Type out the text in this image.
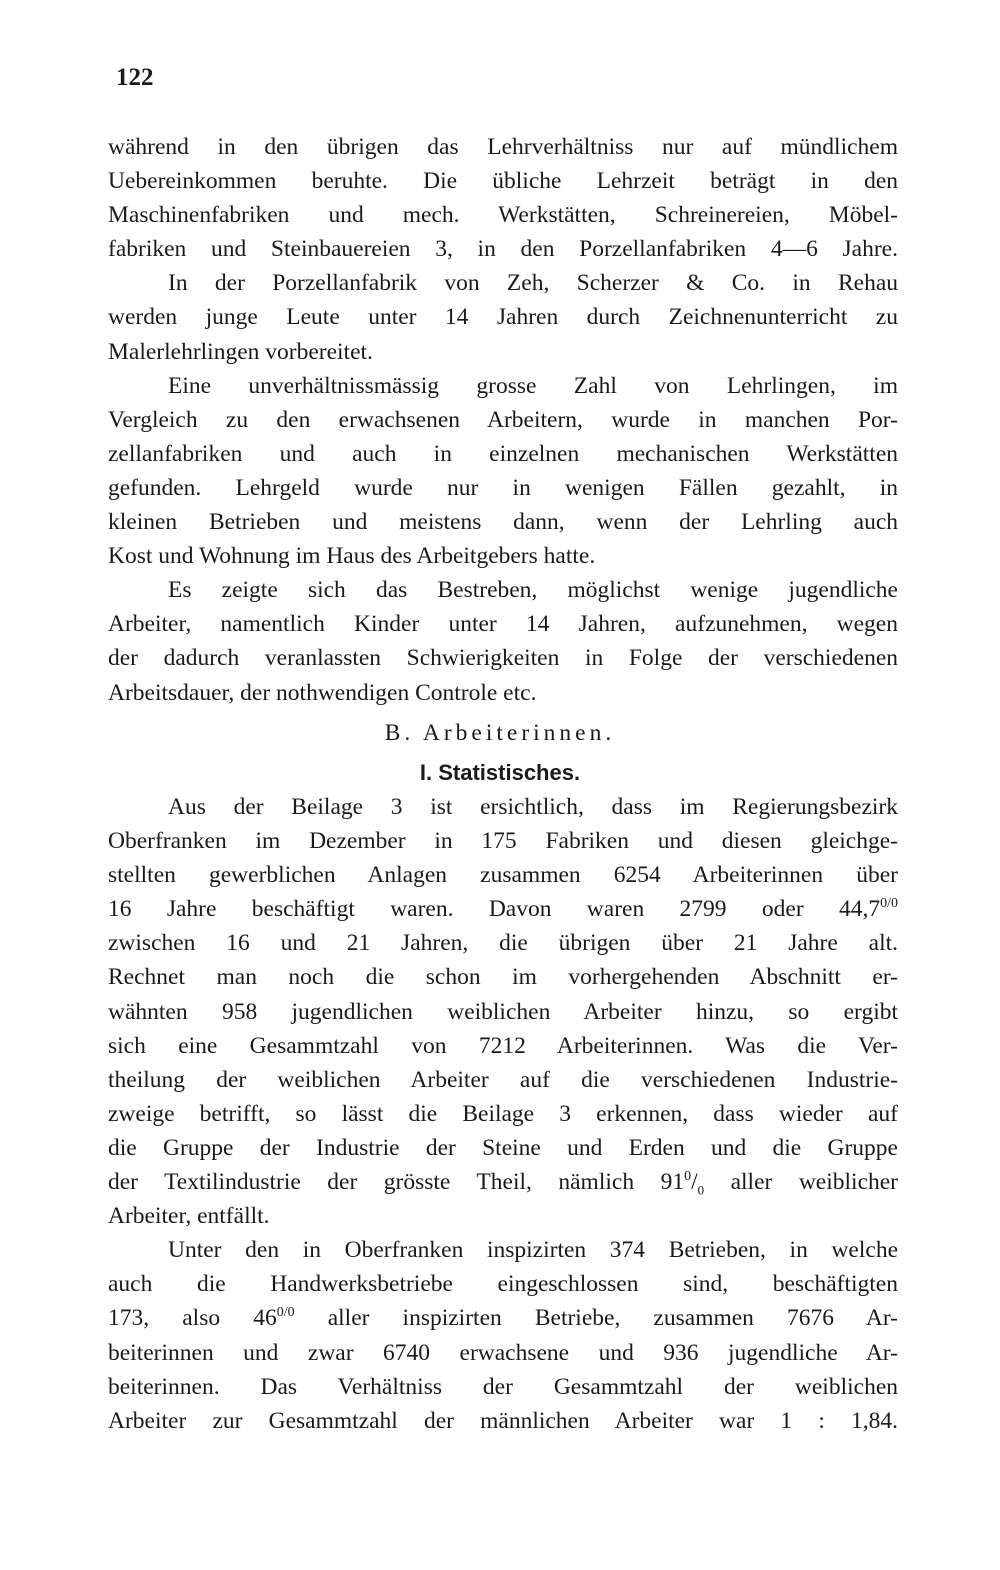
122
während in den übrigen das Lehrverhältniss nur auf mündlichem
Uebereinkommen beruhte. Die übliche Lehrzeit beträgt in den
Maschinenfabriken und mech. Werkstätten, Schreinereien, Möbel-
fabriken und Steinbauereien 3, in den Porzellanfabriken 4—6 Jahre.
In der Porzellanfabrik von Zeh, Scherzer & Co. in Rehau
werden junge Leute unter 14 Jahren durch Zeichnenunterricht zu
Malerlehrlingen vorbereitet.
Eine unverhältnissmässig grosse Zahl von Lehrlingen, im
Vergleich zu den erwachsenen Arbeitern, wurde in manchen Por-
zellanfabriken und auch in einzelnen mechanischen Werkstätten
gefunden. Lehrgeld wurde nur in wenigen Fällen gezahlt, in
kleinen Betrieben und meistens dann, wenn der Lehrling auch
Kost und Wohnung im Haus des Arbeitgebers hatte.
Es zeigte sich das Bestreben, möglichst wenige jugendliche
Arbeiter, namentlich Kinder unter 14 Jahren, aufzunehmen, wegen
der dadurch veranlassten Schwierigkeiten in Folge der verschiedenen
Arbeitsdauer, der nothwendigen Controle etc.
B. Arbeiterinnen.
I. Statistisches.
Aus der Beilage 3 ist ersichtlich, dass im Regierungsbezirk
Oberfranken im Dezember in 175 Fabriken und diesen gleichge-
stellten gewerblichen Anlagen zusammen 6254 Arbeiterinnen über
16 Jahre beschäftigt waren. Davon waren 2799 oder $44,7^{0/0}$
zwischen 16 und 21 Jahren, die übrigen über 21 Jahre alt.
Rechnet man noch die schon im vorhergehenden Abschnitt er-
wähnten 958 jugendlichen weiblichen Arbeiter hinzu, so ergibt
sich eine Gesammtzahl von 7212 Arbeiterinnen. Was die Ver-
theilung der weiblichen Arbeiter auf die verschiedenen Industrie-
zweige betrifft, so lässt die Beilage 3 erkennen, dass wieder auf
die Gruppe der Industrie der Steine und Erden und die Gruppe
der Textilindustrie der grösste Theil, nämlich $91^0/_0$ aller weiblicher
Arbeiter, entfällt.
Unter den in Oberfranken inspizirten 374 Betrieben, in welche
auch die Handwerksbetriebe eingeschlossen sind, beschäftigten
173, also $46^{0/0}$ aller inspizirten Betriebe, zusammen 7676 Ar-
beiterinnen und zwar 6740 erwachsene und 936 jugendliche Ar-
beiterinnen. Das Verhältniss der Gesammtzahl der weiblichen
Arbeiter zur Gesammtzahl der männlichen Arbeiter war 1 : 1,84.
